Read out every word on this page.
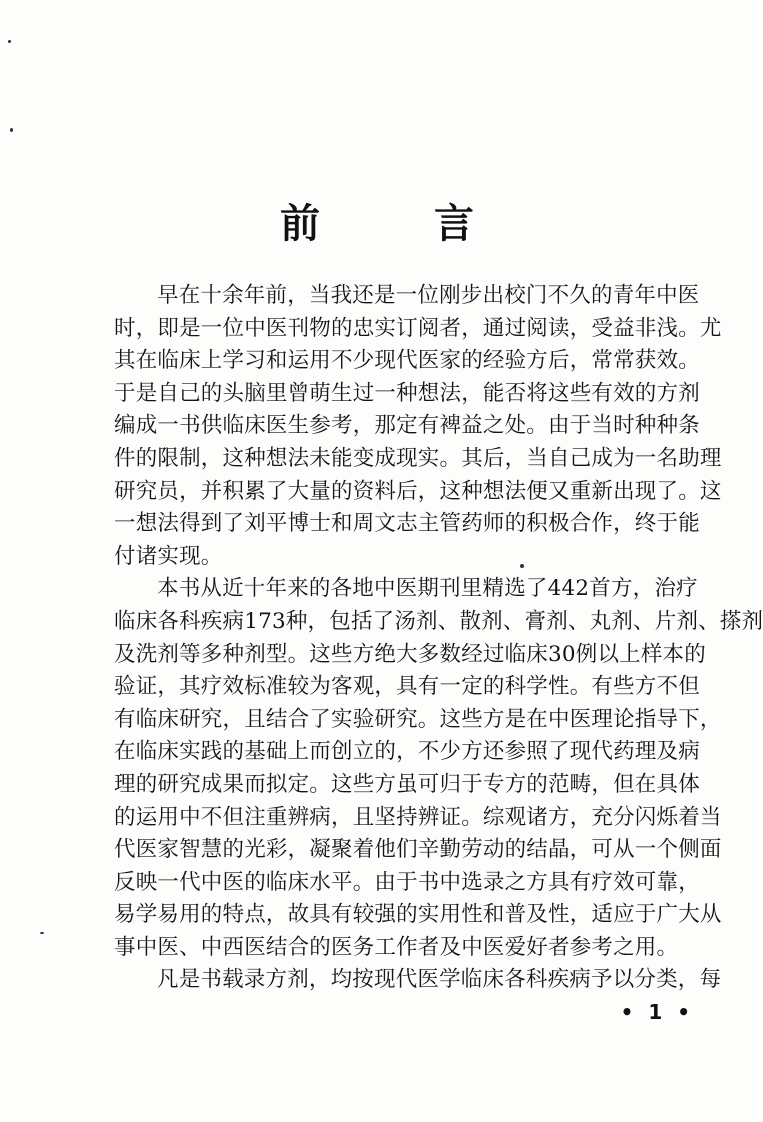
前 言
早在十余年前，当我还是一位刚步出校门不久的青年中医
时，即是一位中医刊物的忠实订阅者，通过阅读，受益非浅。尤
其在临床上学习和运用不少现代医家的经验方后，常常获效。
于是自己的头脑里曾萌生过一种想法，能否将这些有效的方剂
编成一书供临床医生参考，那定有裨益之处。由于当时种种条
件的限制，这种想法未能变成现实。其后，当自己成为一名助理
研究员，并积累了大量的资料后，这种想法便又重新出现了。这
一想法得到了刘平博士和周文志主管药师的积极合作，终于能
付诸实现。
本书从近十年来的各地中医期刊里精选了442首方，治疗
临床各科疾病173种，包括了汤剂、散剂、膏剂、丸剂、片剂、搽剂
及洗剂等多种剂型。这些方绝大多数经过临床30例以上样本的
验证，其疗效标准较为客观，具有一定的科学性。有些方不但
有临床研究，且结合了实验研究。这些方是在中医理论指导下，
在临床实践的基础上而创立的，不少方还参照了现代药理及病
理的研究成果而拟定。这些方虽可归于专方的范畴，但在具体
的运用中不但注重辨病，且坚持辨证。综观诸方，充分闪烁着当
代医家智慧的光彩，凝聚着他们辛勤劳动的结晶，可从一个侧面
反映一代中医的临床水平。由于书中选录之方具有疗效可靠，
易学易用的特点，故具有较强的实用性和普及性，适应于广大从
事中医、中西医结合的医务工作者及中医爱好者参考之用。
凡是书载录方剂，均按现代医学临床各科疾病予以分类，每
• 1 •
